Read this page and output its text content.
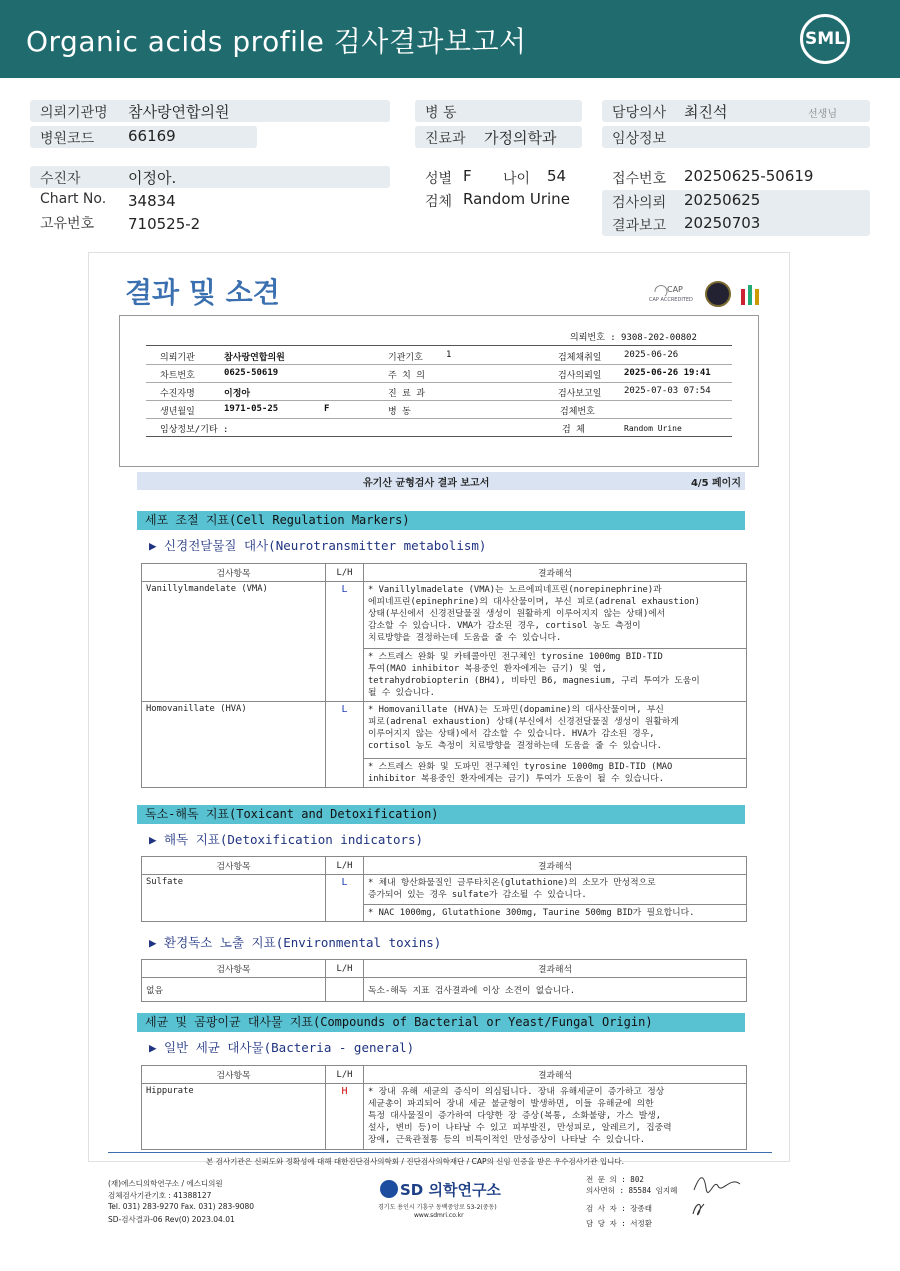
Organic acids profile 검사결과보고서	SML
의뢰기관명 참사랑연합의원
병원코드 66169
병 동
진료과 가정의학과
담당의사 최진석	선생님
임상정보
수진자	이정아.
Chart No. 34834
고유번호 710525-2
성별 F 나이 54
검체 Random Urine
접수번호 20250625-50619
검사의뢰 20250625
결과보고 20250703
결과 및 소견	CAP
CAP ACCREDITED
의뢰번호 : 9308-202-00802
의뢰기관	참사랑연합의원	기관기호	1	검체채취일	2025-06-26
차트번호	0625-50619	주 치 의	검사의뢰일	2025-06-26 19:41
수진자명	이정아	진 료 과	검사보고일	2025-07-03 07:54
생년월일	1971-05-25	F	병 동	검체번호
임상정보/기타 :	검 체	Random Urine
유기산 균형검사 결과 보고서	4/5 페이지
세포 조절 지표(Cell Regulation Markers)
▶ 신경전달물질 대사(Neurotransmitter metabolism)
검사항목	L/H	결과해석
Vanillylmandelate (VMA)	L	* Vanillylmadelate (VMA)는 노르에피네프린(norepinephrine)과
에피네프린(epinephrine)의 대사산물이며, 부신 피로(adrenal exhaustion)
상태(부신에서 신경전달물질 생성이 원활하게 이루어지지 않는 상태)에서
감소할 수 있습니다. VMA가 감소된 경우, cortisol 농도 측정이
치료방향을 결정하는데 도움을 줄 수 있습니다.
		* 스트레스 완화 및 카테콜아민 전구체인 tyrosine 1000mg BID-TID
투여(MAO inhibitor 복용중인 환자에게는 금기) 및 엽,
tetrahydrobiopterin (BH4), 비타민 B6, magnesium, 구리 투여가 도움이
될 수 있습니다.
Homovanillate (HVA)	L	* Homovanillate (HVA)는 도파민(dopamine)의 대사산물이며, 부신
피로(adrenal exhaustion) 상태(부신에서 신경전달물질 생성이 원활하게
이루어지지 않는 상태)에서 감소할 수 있습니다. HVA가 감소된 경우,
cortisol 농도 측정이 치료방향을 결정하는데 도움을 줄 수 있습니다.
		* 스트레스 완화 및 도파민 전구체인 tyrosine 1000mg BID-TID (MAO
inhibitor 복용중인 환자에게는 금기) 투여가 도움이 될 수 있습니다.
독소-해독 지표(Toxicant and Detoxification)
▶ 해독 지표(Detoxification indicators)
검사항목	L/H	결과해석
Sulfate	L	* 체내 항산화물질인 글루타치온(glutathione)의 소모가 만성적으로
증가되어 있는 경우 sulfate가 감소될 수 있습니다.
		* NAC 1000mg, Glutathione 300mg, Taurine 500mg BID가 필요합니다.
▶ 환경독소 노출 지표(Environmental toxins)
검사항목	L/H	결과해석
없음		독소-해독 지표 검사결과에 이상 소견이 없습니다.
세균 및 곰팡이균 대사물 지표(Compounds of Bacterial or Yeast/Fungal Origin)
▶ 일반 세균 대사물(Bacteria - general)
검사항목	L/H	결과해석
Hippurate	H	* 장내 유해 세균의 증식이 의심됩니다. 장내 유해세균이 증가하고 정상
세균총이 파괴되어 장내 세균 불균형이 발생하면, 이들 유해균에 의한
특정 대사물질이 증가하여 다양한 장 증상(복통, 소화불량, 가스 발생,
설사, 변비 등)이 나타날 수 있고 피부발진, 만성피로, 알레르기, 집중력
장애, 근육관절통 등의 비특이적인 만성증상이 나타날 수 있습니다.
본 검사기관은 신뢰도와 정확성에 대해 대한진단검사의학회 / 진단검사의학재단 / CAP의 신임 인증을 받은 우수검사기관 입니다.
(재)에스디의학연구소 / 에스디의원
검체검사기관기호 : 41388127
Tel. 031) 283-9270 Fax. 031) 283-9080
SD-검사결과-06 Rev(0) 2023.04.01
SD 의학연구소
경기도 용인시 기흥구 동백중앙로 53-2(중동)
www.sdmri.co.kr
전 문 의 : 802
의사면허 : 85584 임지혜
검 사 자 : 장종태
담 당 자 : 서정환
